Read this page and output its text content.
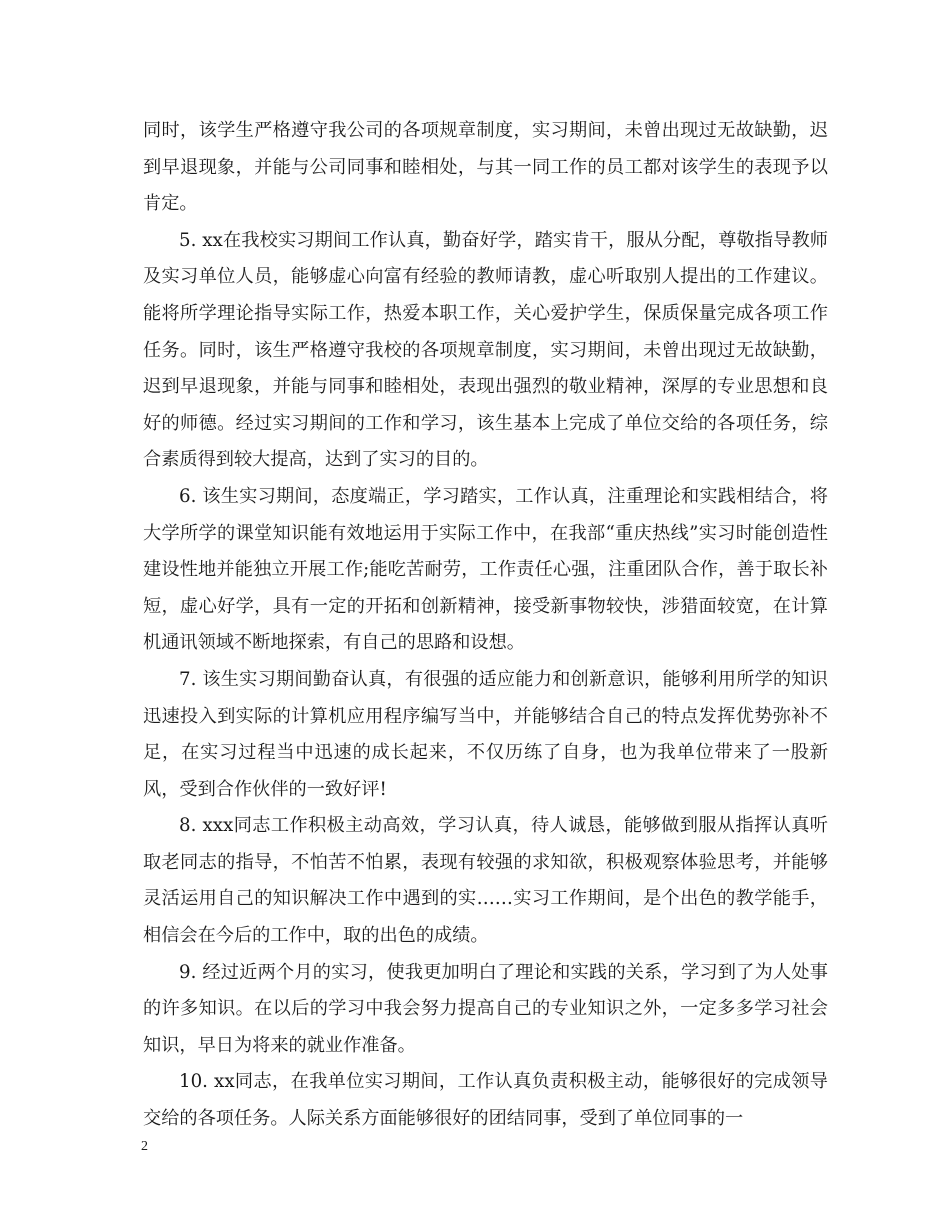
同时，该学生严格遵守我公司的各项规章制度，实习期间，未曾出现过无故缺勤，迟到早退现象，并能与公司同事和睦相处，与其一同工作的员工都对该学生的表现予以肯定。

5. xx在我校实习期间工作认真，勤奋好学，踏实肯干，服从分配，尊敬指导教师及实习单位人员，能够虚心向富有经验的教师请教，虚心听取别人提出的工作建议。能将所学理论指导实际工作，热爱本职工作，关心爱护学生，保质保量完成各项工作任务。同时，该生严格遵守我校的各项规章制度，实习期间，未曾出现过无故缺勤，迟到早退现象，并能与同事和睦相处，表现出强烈的敬业精神，深厚的专业思想和良好的师德。经过实习期间的工作和学习，该生基本上完成了单位交给的各项任务，综合素质得到较大提高，达到了实习的目的。

6. 该生实习期间，态度端正，学习踏实，工作认真，注重理论和实践相结合，将大学所学的课堂知识能有效地运用于实际工作中，在我部“重庆热线”实习时能创造性建设性地并能独立开展工作;能吃苦耐劳，工作责任心强，注重团队合作，善于取长补短，虚心好学，具有一定的开拓和创新精神，接受新事物较快，涉猎面较宽，在计算机通讯领域不断地探索，有自己的思路和设想。

7. 该生实习期间勤奋认真，有很强的适应能力和创新意识，能够利用所学的知识迅速投入到实际的计算机应用程序编写当中，并能够结合自己的特点发挥优势弥补不足，在实习过程当中迅速的成长起来，不仅历练了自身，也为我单位带来了一股新风，受到合作伙伴的一致好评!

8. xxx同志工作积极主动高效，学习认真，待人诚恳，能够做到服从指挥认真听取老同志的指导，不怕苦不怕累，表现有较强的求知欲，积极观察体验思考，并能够灵活运用自己的知识解决工作中遇到的实……实习工作期间，是个出色的教学能手，相信会在今后的工作中，取的出色的成绩。

9. 经过近两个月的实习，使我更加明白了理论和实践的关系，学习到了为人处事的许多知识。在以后的学习中我会努力提高自己的专业知识之外，一定多多学习社会知识，早日为将来的就业作准备。

10. xx同志，在我单位实习期间，工作认真负责积极主动，能够很好的完成领导交给的各项任务。人际关系方面能够很好的团结同事，受到了单位同事的一

2
